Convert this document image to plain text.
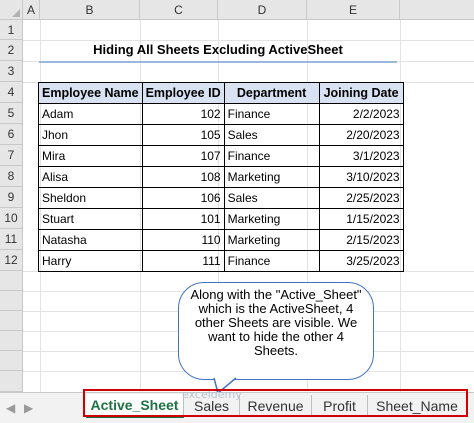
A	B	C	D	E
1
2
3
4
5
6
7
8
9
10
11
12
Hiding All Sheets Excluding ActiveSheet
Employee Name	Employee ID	Department	Joining Date
Adam	102	Finance	2/2/2023
Jhon	105	Sales	2/20/2023
Mira	107	Finance	3/1/2023
Alisa	108	Marketing	3/10/2023
Sheldon	106	Sales	2/25/2023
Stuart	101	Marketing	1/15/2023
Natasha	110	Marketing	2/15/2023
Harry	111	Finance	3/25/2023
Along with the "Active_Sheet" which is the ActiveSheet, 4 other Sheets are visible. We want to hide the other 4 Sheets.
◀ ▶	Active_Sheet	Sales	Revenue	Profit	Sheet_Name
exceldemy
